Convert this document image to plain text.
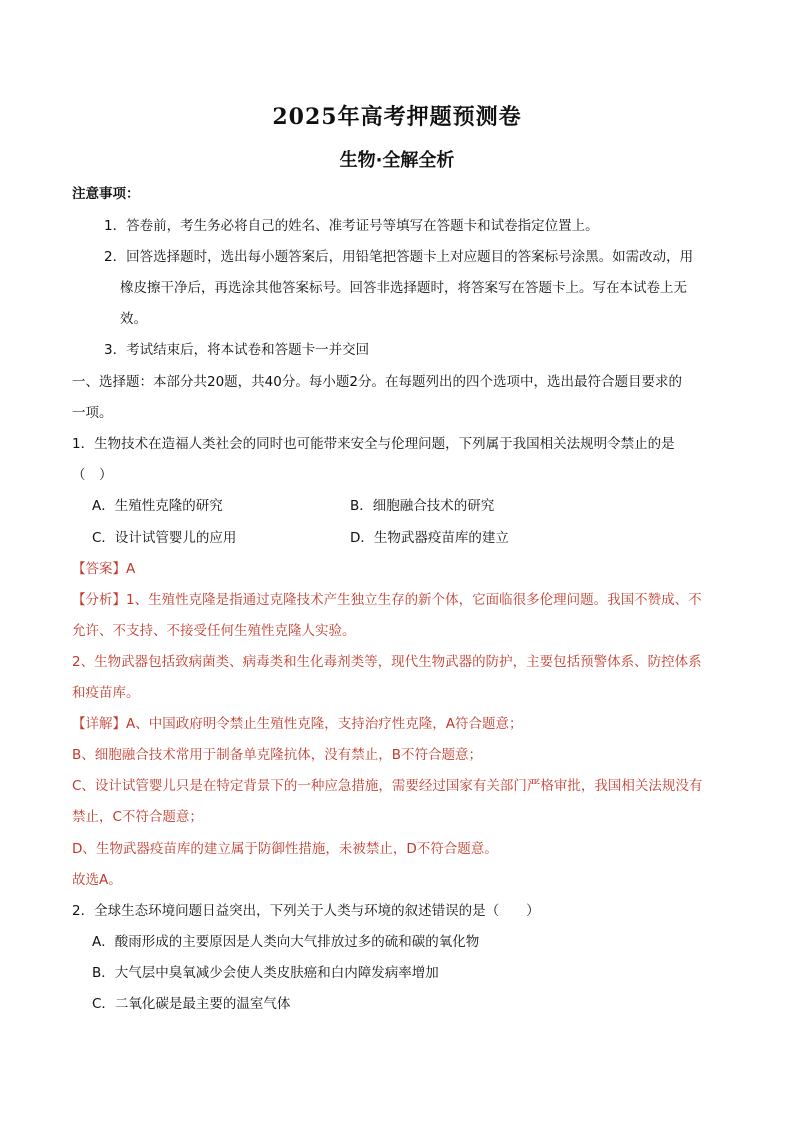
2025年高考押题预测卷
生物·全解全析
注意事项：
1．答卷前，考生务必将自己的姓名、准考证号等填写在答题卡和试卷指定位置上。
2．回答选择题时，选出每小题答案后，用铅笔把答题卡上对应题目的答案标号涂黑。如需改动，用
橡皮擦干净后，再选涂其他答案标号。回答非选择题时，将答案写在答题卡上。写在本试卷上无
效。
3．考试结束后，将本试卷和答题卡一并交回
一、选择题：本部分共20题，共40分。每小题2分。在每题列出的四个选项中，选出最符合题目要求的
一项。
1．生物技术在造福人类社会的同时也可能带来安全与伦理问题，下列属于我国相关法规明令禁止的是
（　）
A．生殖性克隆的研究	B．细胞融合技术的研究
C．设计试管婴儿的应用	D．生物武器疫苗库的建立
【答案】A
【分析】1、生殖性克隆是指通过克隆技术产生独立生存的新个体，它面临很多伦理问题。我国不赞成、不
允许、不支持、不接受任何生殖性克隆人实验。
2、生物武器包括致病菌类、病毒类和生化毒剂类等，现代生物武器的防护，主要包括预警体系、防控体系
和疫苗库。
【详解】A、中国政府明令禁止生殖性克隆，支持治疗性克隆，A符合题意；
B、细胞融合技术常用于制备单克隆抗体，没有禁止，B不符合题意；
C、设计试管婴儿只是在特定背景下的一种应急措施，需要经过国家有关部门严格审批，我国相关法规没有
禁止，C不符合题意；
D、生物武器疫苗库的建立属于防御性措施，未被禁止，D不符合题意。
故选A。
2．全球生态环境问题日益突出，下列关于人类与环境的叙述错误的是（　　）
A．酸雨形成的主要原因是人类向大气排放过多的硫和碳的氧化物
B．大气层中臭氧减少会使人类皮肤癌和白内障发病率增加
C．二氧化碳是最主要的温室气体
